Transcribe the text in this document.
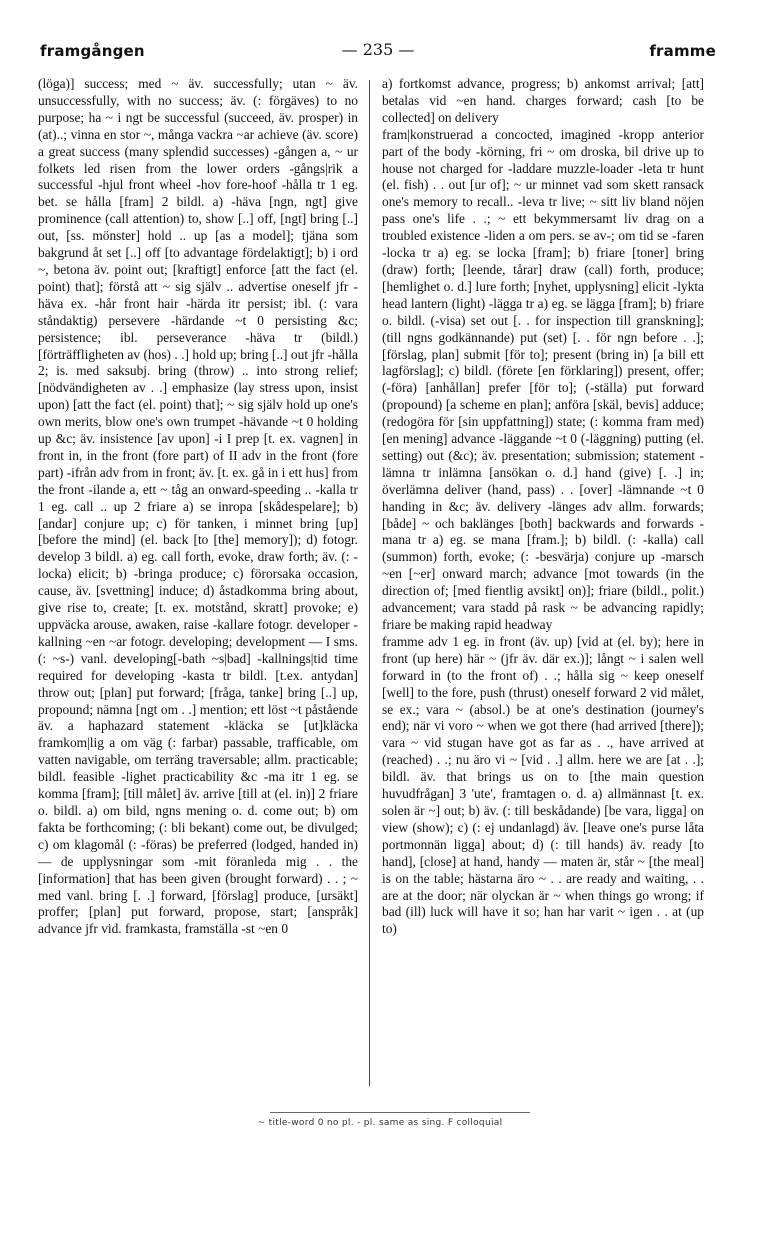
framgången	— 235 —	framme

(löga)] success; med ~ äv. successfully; utan ~ äv. unsuccessfully, with no success; äv. (: förgäves) to no purpose; ha ~ i ngt be successful (succeed, äv. prosper) in (at)..; vinna en stor ~, många vackra ~ar achieve (äv. score) a great success (many splendid successes) -gången a, ~ ur folkets led risen from the lower orders -gångs|rik a successful -hjul front wheel -hov fore-hoof -hålla tr 1 eg. bet. se hålla [fram] 2 bildl. a) -häva [ngn, ngt] give prominence (call attention) to, show [..] off, [ngt] bring [..] out, [ss. mönster] hold .. up [as a model]; tjäna som bakgrund åt set [..] off [to advantage fördelaktigt]; b) i ord ~, betona äv. point out; [kraftigt] enforce [att the fact (el. point) that]; förstå att ~ sig själv .. advertise oneself jfr -häva ex. -hår front hair -härda itr persist; ibl. (: vara ståndaktig) persevere -härdande ~t 0 persisting &c; persistence; ibl. perseverance -häva tr (bildl.) [förträffligheten av (hos) . .] hold up; bring [..] out jfr -hålla 2; is. med saksubj. bring (throw) .. into strong relief; [nödvändigheten av . .] emphasize (lay stress upon, insist upon) [att the fact (el. point) that]; ~ sig själv hold up one's own merits, blow one's own trumpet -hävande ~t 0 holding up &c; äv. insistence [av upon] -i I prep [t. ex. vagnen] in front in, in the front (fore part) of II adv in the front (fore part) -ifrån adv from in front; äv. [t. ex. gå in i ett hus] from the front -ilande a, ett ~ tåg an onward-speeding .. -kalla tr 1 eg. call .. up 2 friare a) se inropa [skådespelare]; b) [andar] conjure up; c) för tanken, i minnet bring [up] [before the mind] (el. back [to [the] memory]); d) fotogr. develop 3 bildl. a) eg. call forth, evoke, draw forth; äv. (: -locka) elicit; b) -bringa produce; c) förorsaka occasion, cause, äv. [svettning] induce; d) åstadkomma bring about, give rise to, create; [t. ex. motstånd, skratt] provoke; e) uppväcka arouse, awaken, raise -kallare fotogr. developer -kallning ~en ~ar fotogr. developing; development — I sms. (: ~s-) vanl. developing[-bath ~s|bad] -kallnings|tid time required for developing -kasta tr bildl. [t.ex. antydan] throw out; [plan] put forward; [fråga, tanke] bring [..] up, propound; nämna [ngt om . .] mention; ett löst ~t påstående äv. a haphazard statement -kläcka se [ut]kläcka framkom|lig a om väg (: farbar) passable, trafficable, om vatten navigable, om terräng traversable; allm. practicable; bildl. feasible -lighet practicability &c -ma itr 1 eg. se komma [fram]; [till målet] äv. arrive [till at (el. in)] 2 friare o. bildl. a) om bild, ngns mening o. d. come out; b) om fakta be forthcoming; (: bli bekant) come out, be divulged; c) om klagomål (: -föras) be preferred (lodged, handed in) — de upplysningar som -mit föranleda mig . . the [information] that has been given (brought forward) . . ; ~ med vanl. bring [. .] forward, [förslag] produce, [ursäkt] proffer; [plan] put forward, propose, start; [anspråk] advance jfr vid. framkasta, framställa -st ~en 0

a) fortkomst advance, progress; b) ankomst arrival; [att] betalas vid ~en hand. charges forward; cash [to be collected] on delivery

fram|konstruerad a concocted, imagined -kropp anterior part of the body -körning, fri ~ om droska, bil drive up to house not charged for -laddare muzzle-loader -leta tr hunt (el. fish) . . out [ur of]; ~ ur minnet vad som skett ransack one's memory to recall.. -leva tr live; ~ sitt liv bland nöjen pass one's life . .; ~ ett bekymmersamt liv drag on a troubled existence -liden a om pers. se av-; om tid se -faren -locka tr a) eg. se locka [fram]; b) friare [toner] bring (draw) forth; [leende, tårar] draw (call) forth, produce; [hemlighet o. d.] lure forth; [nyhet, upplysning] elicit -lykta head lantern (light) -lägga tr a) eg. se lägga [fram]; b) friare o. bildl. (-visa) set out [. . for inspection till granskning]; (till ngns godkännande) put (set) [. . för ngn before . .]; [förslag, plan] submit [för to]; present (bring in) [a bill ett lagförslag]; c) bildl. (förete [en förklaring]) present, offer; (-föra) [anhållan] prefer [för to]; (-ställa) put forward (propound) [a scheme en plan]; anföra [skäl, bevis] adduce; (redogöra för [sin uppfattning]) state; (: komma fram med) [en mening] advance -läggande ~t 0 (-läggning) putting (el. setting) out (&c); äv. presentation; submission; statement -lämna tr inlämna [ansökan o. d.] hand (give) [. .] in; överlämna deliver (hand, pass) . . [over] -lämnande ~t 0 handing in &c; äv. delivery -länges adv allm. forwards; [både] ~ och baklänges [both] backwards and forwards -mana tr a) eg. se mana [fram.]; b) bildl. (: -kalla) call (summon) forth, evoke; (: -besvärja) conjure up -marsch ~en [~er] onward march; advance [mot towards (in the direction of; [med fientlig avsikt] on)]; friare (bildl., polit.) advancement; vara stadd på rask ~ be advancing rapidly; friare be making rapid headway

framme adv 1 eg. in front (äv. up) [vid at (el. by); here in front (up here) här ~ (jfr äv. där ex.)]; långt ~ i salen well forward in (to the front of) . .; hålla sig ~ keep oneself [well] to the fore, push (thrust) oneself forward 2 vid målet, se ex.; vara ~ (absol.) be at one's destination (journey's end); när vi voro ~ when we got there (had arrived [there]); vara ~ vid stugan have got as far as . ., have arrived at (reached) . .; nu äro vi ~ [vid . .] allm. here we are [at . .]; bildl. äv. that brings us on to [the main question huvudfrågan] 3 'ute', framtagen o. d. a) allmännast [t. ex. solen är ~] out; b) äv. (: till beskådande) [be vara, ligga] on view (show); c) (: ej undanlagd) äv. [leave one's purse låta portmonnän ligga] about; d) (: till hands) äv. ready [to hand], [close] at hand, handy — maten är, står ~ [the meal] is on the table; hästarna äro ~ . . are ready and waiting, . . are at the door; när olyckan är ~ when things go wrong; if bad (ill) luck will have it so; han har varit ~ igen . . at (up to)

~ title-word 0 no pl. - pl. same as sing. F colloquial
